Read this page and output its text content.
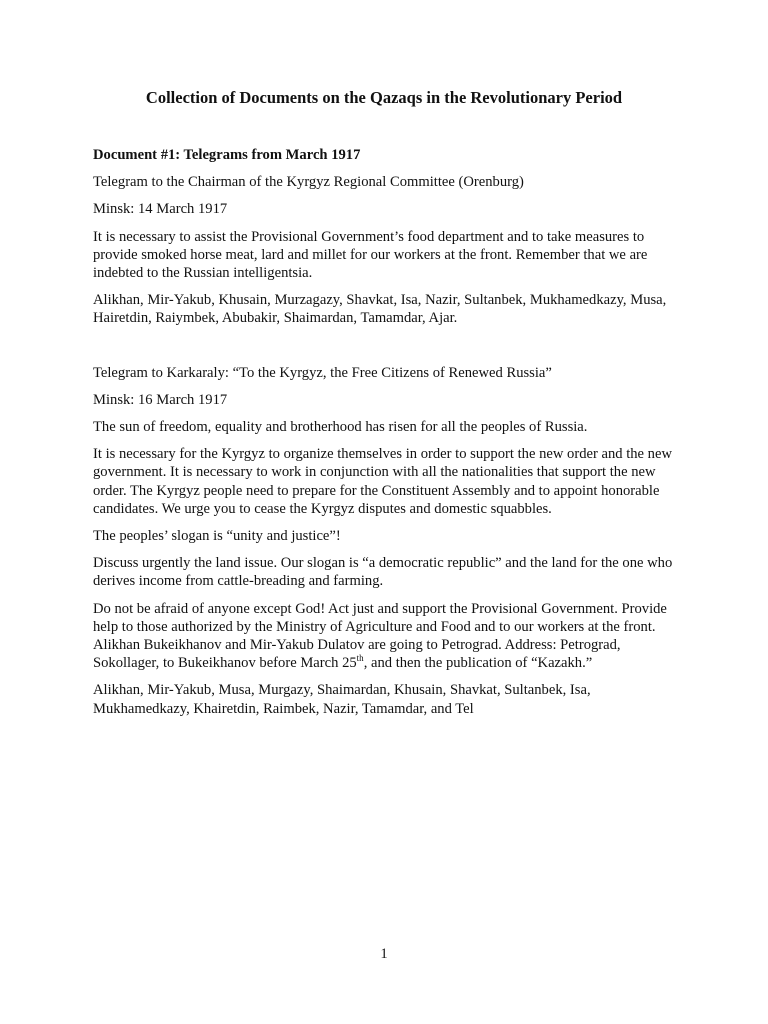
Collection of Documents on the Qazaqs in the Revolutionary Period
Document #1: Telegrams from March 1917

Telegram to the Chairman of the Kyrgyz Regional Committee (Orenburg)

Minsk: 14 March 1917

It is necessary to assist the Provisional Government’s food department and to take measures to provide smoked horse meat, lard and millet for our workers at the front. Remember that we are indebted to the Russian intelligentsia.

Alikhan, Mir-Yakub, Khusain, Murzagazy, Shavkat, Isa, Nazir, Sultanbek, Mukhamedkazy, Musa, Hairetdin, Raiymbek, Abubakir, Shaimardan, Tamamdar, Ajar.

Telegram to Karkaraly: “To the Kyrgyz, the Free Citizens of Renewed Russia”

Minsk: 16 March 1917

The sun of freedom, equality and brotherhood has risen for all the peoples of Russia.

It is necessary for the Kyrgyz to organize themselves in order to support the new order and the new government. It is necessary to work in conjunction with all the nationalities that support the new order. The Kyrgyz people need to prepare for the Constituent Assembly and to appoint honorable candidates. We urge you to cease the Kyrgyz disputes and domestic squabbles.

The peoples’ slogan is “unity and justice”!

Discuss urgently the land issue. Our slogan is “a democratic republic” and the land for the one who derives income from cattle-breading and farming.

Do not be afraid of anyone except God! Act just and support the Provisional Government. Provide help to those authorized by the Ministry of Agriculture and Food and to our workers at the front. Alikhan Bukeikhanov and Mir-Yakub Dulatov are going to Petrograd. Address: Petrograd, Sokollager, to Bukeikhanov before March 25th, and then the publication of “Kazakh.”

Alikhan, Mir-Yakub, Musa, Murgazy, Shaimardan, Khusain, Shavkat, Sultanbek, Isa, Mukhamedkazy, Khairetdin, Raimbek, Nazir, Tamamdar, and Tel

1
